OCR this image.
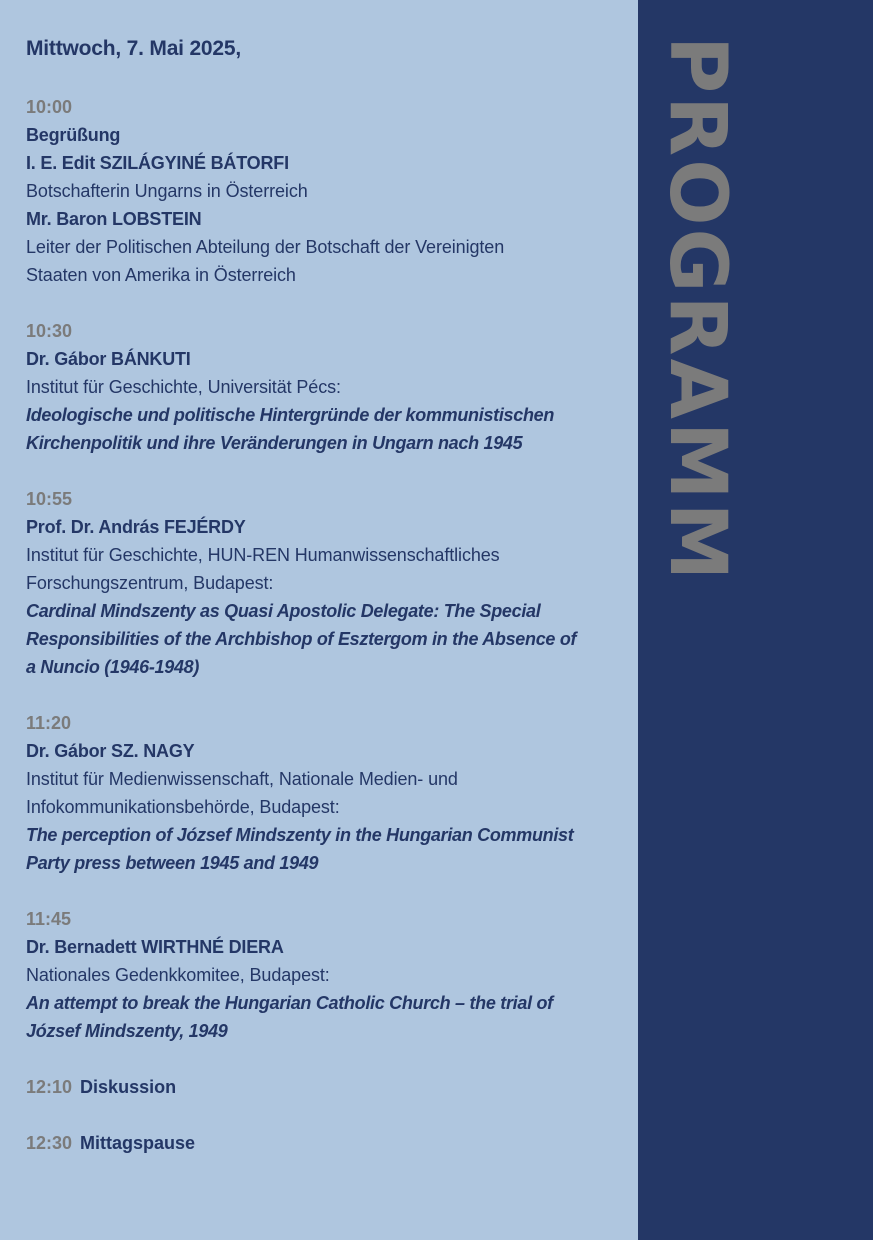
PROGRAMM
Mittwoch, 7. Mai 2025,
10:00
Begrüßung
I. E. Edit SZILÁGYINÉ BÁTORFI
Botschafterin Ungarns in Österreich
Mr. Baron LOBSTEIN
Leiter der Politischen Abteilung der Botschaft der Vereinigten
Staaten von Amerika in Österreich
10:30
Dr. Gábor BÁNKUTI
Institut für Geschichte, Universität Pécs:
Ideologische und politische Hintergründe der kommunistischen
Kirchenpolitik und ihre Veränderungen in Ungarn nach 1945
10:55
Prof. Dr. András FEJÉRDY
Institut für Geschichte, HUN-REN Humanwissenschaftliches
Forschungszentrum, Budapest:
Cardinal Mindszenty as Quasi Apostolic Delegate: The Special
Responsibilities of the Archbishop of Esztergom in the Absence of
a Nuncio (1946-1948)
11:20
Dr. Gábor SZ. NAGY
Institut für Medienwissenschaft, Nationale Medien- und
Infokommunikationsbehörde, Budapest:
The perception of József Mindszenty in the Hungarian Communist
Party press between 1945 and 1949
11:45
Dr. Bernadett WIRTHNÉ DIERA
Nationales Gedenkkomitee, Budapest:
An attempt to break the Hungarian Catholic Church – the trial of
József Mindszenty, 1949
12:10 Diskussion
12:30 Mittagspause
